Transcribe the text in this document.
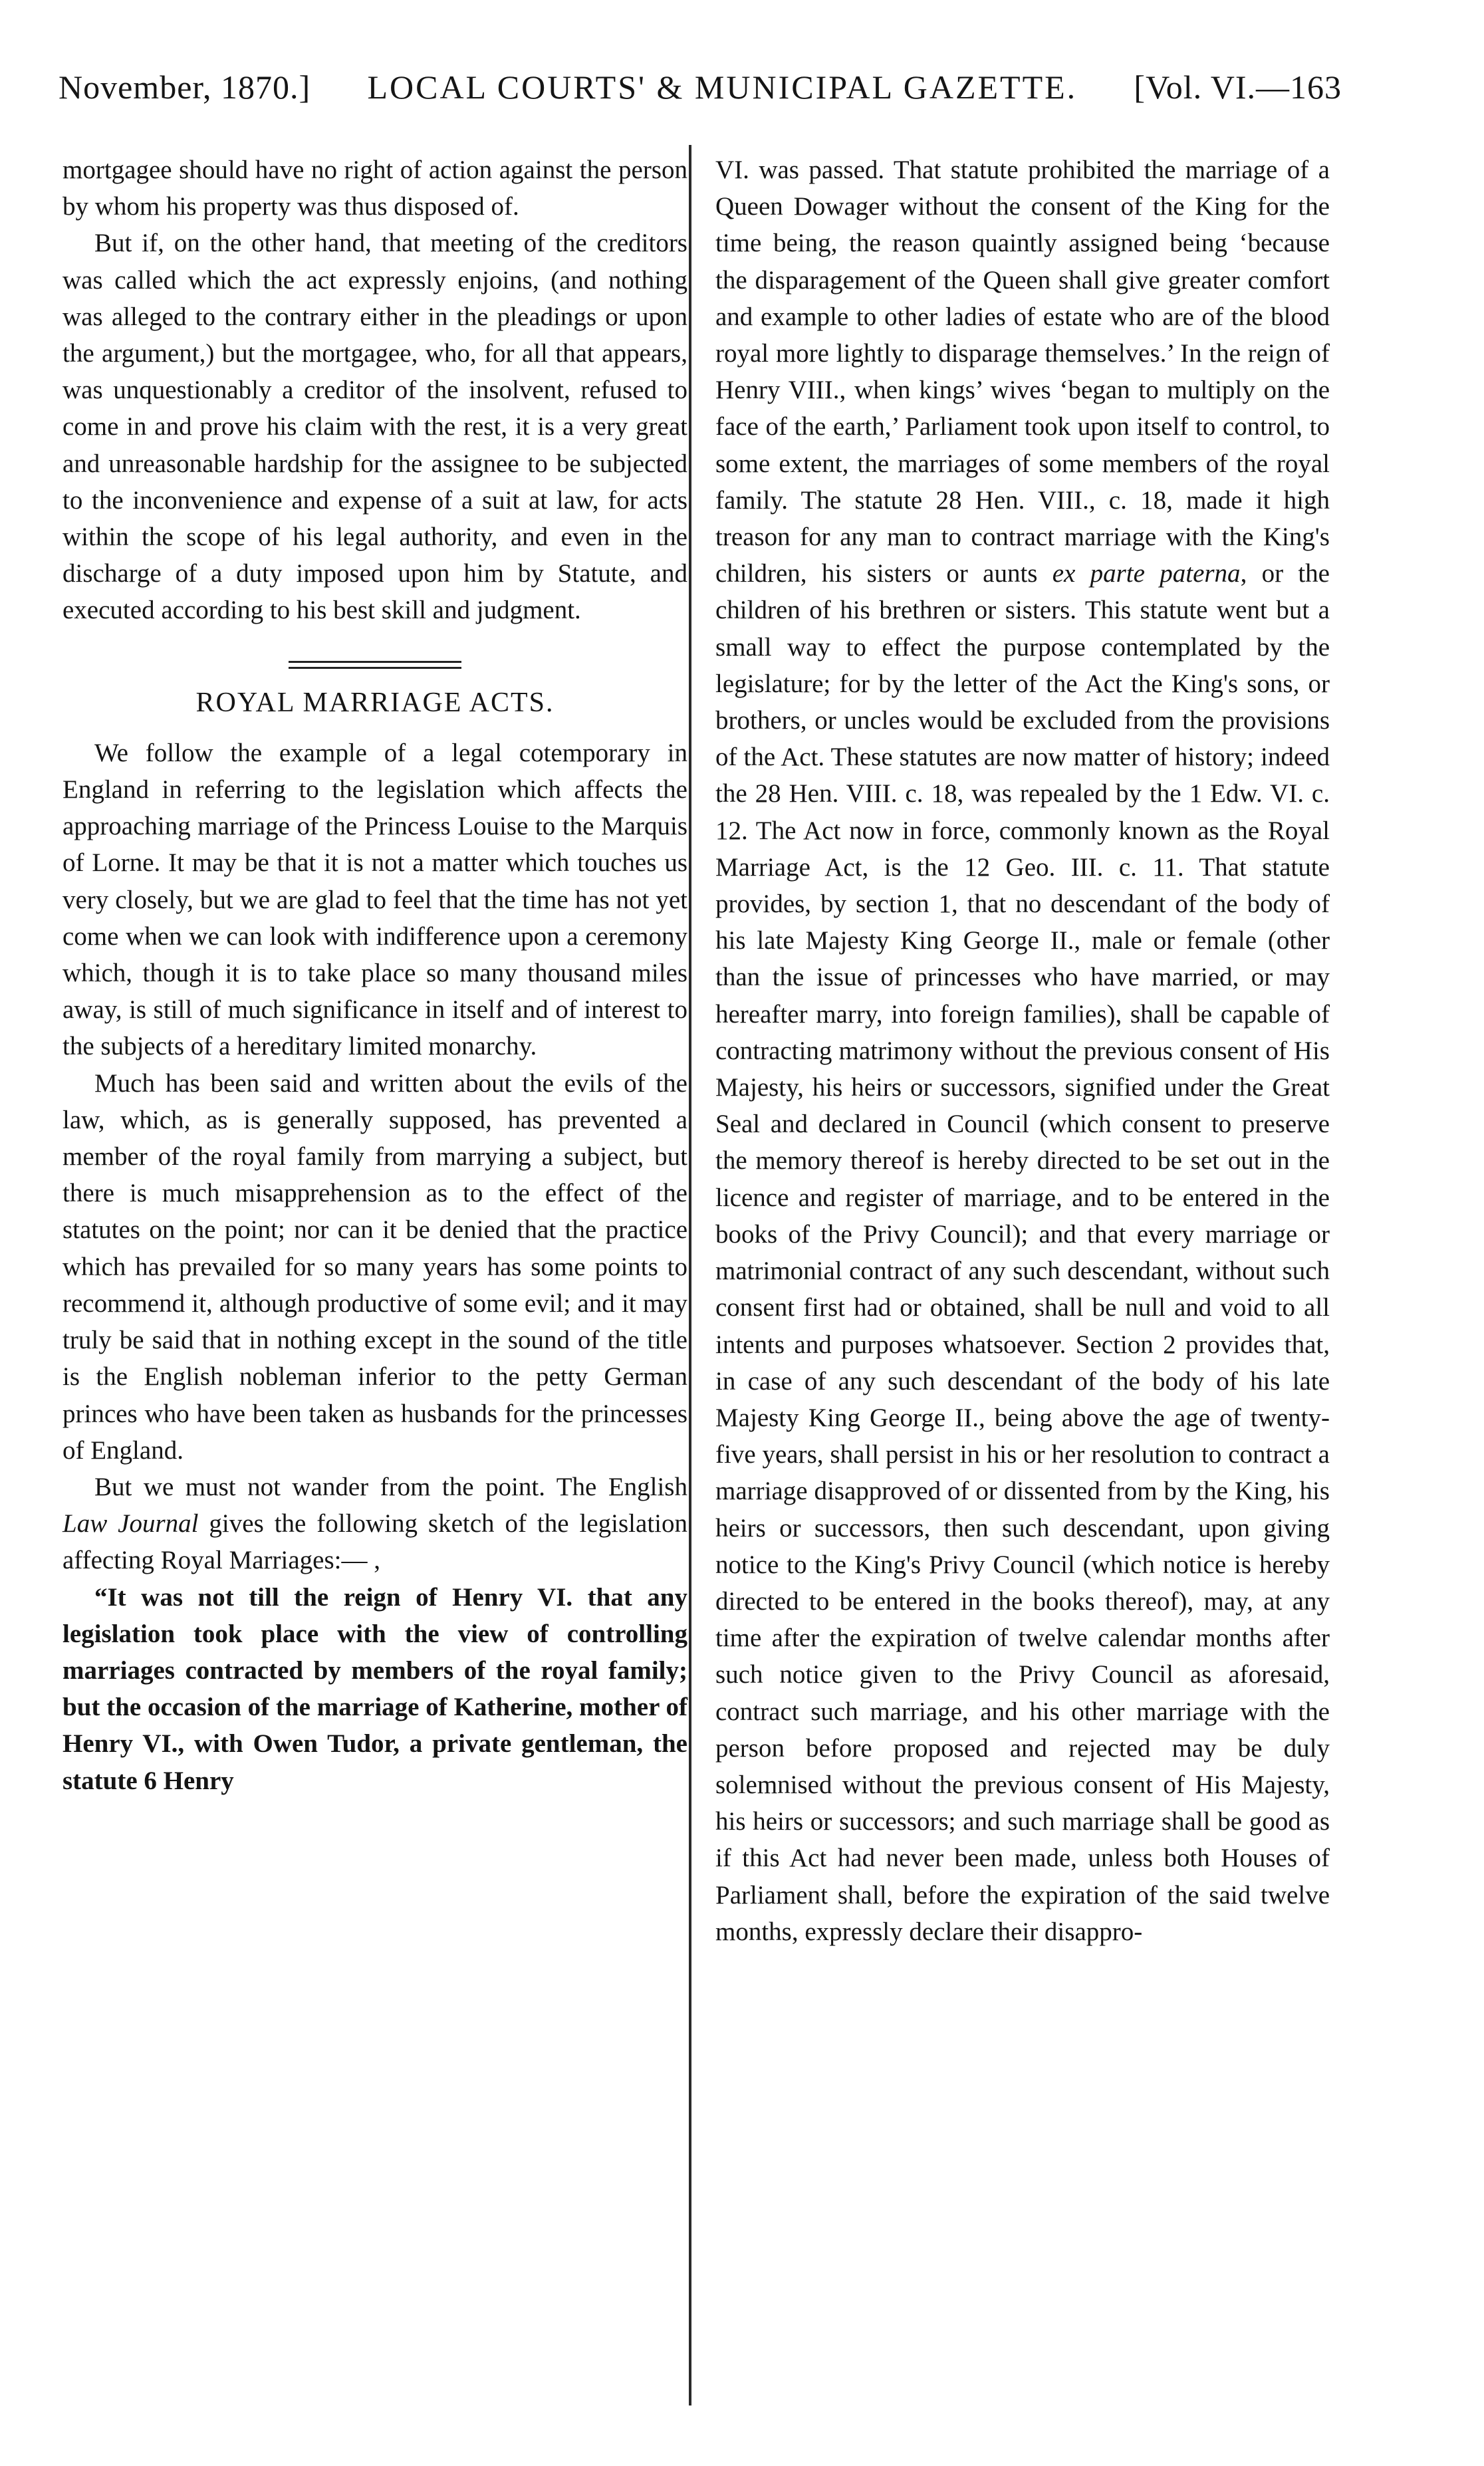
November, 1870.] LOCAL COURTS' & MUNICIPAL GAZETTE. [Vol. VI.—163

mortgagee should have no right of action against the person by whom his property was thus disposed of.

But if, on the other hand, that meeting of the creditors was called which the act expressly enjoins, (and nothing was alleged to the contrary either in the pleadings or upon the argument,) but the mortgagee, who, for all that appears, was unquestionably a creditor of the insolvent, refused to come in and prove his claim with the rest, it is a very great and unreasonable hardship for the assignee to be subjected to the inconvenience and expense of a suit at law, for acts within the scope of his legal authority, and even in the discharge of a duty imposed upon him by Statute, and executed according to his best skill and judgment.

ROYAL MARRIAGE ACTS.

We follow the example of a legal cotemporary in England in referring to the legislation which affects the approaching marriage of the Princess Louise to the Marquis of Lorne. It may be that it is not a matter which touches us very closely, but we are glad to feel that the time has not yet come when we can look with indifference upon a ceremony which, though it is to take place so many thousand miles away, is still of much significance in itself and of interest to the subjects of a hereditary limited monarchy.

Much has been said and written about the evils of the law, which, as is generally supposed, has prevented a member of the royal family from marrying a subject, but there is much misapprehension as to the effect of the statutes on the point; nor can it be denied that the practice which has prevailed for so many years has some points to recommend it, although productive of some evil; and it may truly be said that in nothing except in the sound of the title is the English nobleman inferior to the petty German princes who have been taken as husbands for the princesses of England.

But we must not wander from the point. The English Law Journal gives the following sketch of the legislation affecting Royal Marriages:— ,

“It was not till the reign of Henry VI. that any legislation took place with the view of controlling marriages contracted by members of the royal family; but the occasion of the marriage of Katherine, mother of Henry VI., with Owen Tudor, a private gentleman, the statute 6 Henry

VI. was passed. That statute prohibited the marriage of a Queen Dowager without the consent of the King for the time being, the reason quaintly assigned being ‘because the disparagement of the Queen shall give greater comfort and example to other ladies of estate who are of the blood royal more lightly to disparage themselves.’ In the reign of Henry VIII., when kings’ wives ‘began to multiply on the face of the earth,’ Parliament took upon itself to control, to some extent, the marriages of some members of the royal family. The statute 28 Hen. VIII., c. 18, made it high treason for any man to contract marriage with the King's children, his sisters or aunts ex parte paterna, or the children of his brethren or sisters. This statute went but a small way to effect the purpose contemplated by the legislature; for by the letter of the Act the King's sons, or brothers, or uncles would be excluded from the provisions of the Act. These statutes are now matter of history; indeed the 28 Hen. VIII. c. 18, was repealed by the 1 Edw. VI. c. 12. The Act now in force, commonly known as the Royal Marriage Act, is the 12 Geo. III. c. 11. That statute provides, by section 1, that no descendant of the body of his late Majesty King George II., male or female (other than the issue of princesses who have married, or may hereafter marry, into foreign families), shall be capable of contracting matrimony without the previous consent of His Majesty, his heirs or successors, signified under the Great Seal and declared in Council (which consent to preserve the memory thereof is hereby directed to be set out in the licence and register of marriage, and to be entered in the books of the Privy Council); and that every marriage or matrimonial contract of any such descendant, without such consent first had or obtained, shall be null and void to all intents and purposes whatsoever. Section 2 provides that, in case of any such descendant of the body of his late Majesty King George II., being above the age of twenty-five years, shall persist in his or her resolution to contract a marriage disapproved of or dissented from by the King, his heirs or successors, then such descendant, upon giving notice to the King's Privy Council (which notice is hereby directed to be entered in the books thereof), may, at any time after the expiration of twelve calendar months after such notice given to the Privy Council as aforesaid, contract such marriage, and his other marriage with the person before proposed and rejected may be duly solemnised without the previous consent of His Majesty, his heirs or successors; and such marriage shall be good as if this Act had never been made, unless both Houses of Parliament shall, before the expiration of the said twelve months, expressly declare their disappro-
